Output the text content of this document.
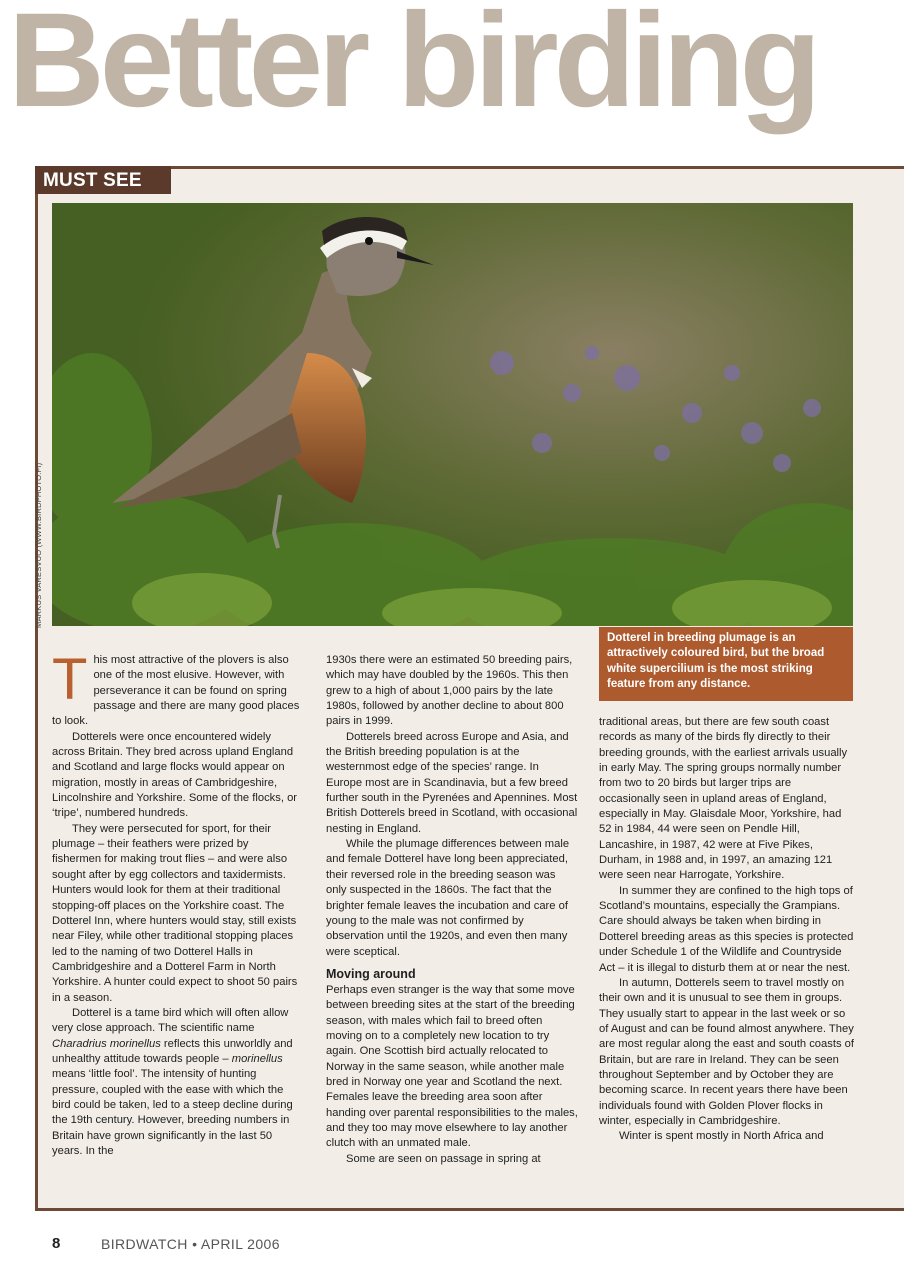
Better birding
MUST SEE
MARKUS VARESVUO (WWW.BIRDPHOTO.FI)
Dotterel in breeding plumage is an attractively coloured bird, but the broad white supercilium is the most striking feature from any distance.
T his most attractive of the plovers is also one of the most elusive. However, with perseverance it can be found on spring passage and there are many good places to look.

Dotterels were once encountered widely across Britain. They bred across upland England and Scotland and large flocks would appear on migration, mostly in areas of Cambridgeshire, Lincolnshire and Yorkshire. Some of the flocks, or ‘tripe’, numbered hundreds.

They were persecuted for sport, for their plumage – their feathers were prized by fishermen for making trout flies – and were also sought after by egg collectors and taxidermists. Hunters would look for them at their traditional stopping-off places on the Yorkshire coast. The Dotterel Inn, where hunters would stay, still exists near Filey, while other traditional stopping places led to the naming of two Dotterel Halls in Cambridgeshire and a Dotterel Farm in North Yorkshire. A hunter could expect to shoot 50 pairs in a season.

Dotterel is a tame bird which will often allow very close approach. The scientific name Charadrius morinellus reflects this unworldly and unhealthy attitude towards people – morinellus means ‘little fool’. The intensity of hunting pressure, coupled with the ease with which the bird could be taken, led to a steep decline during the 19th century. However, breeding numbers in Britain have grown significantly in the last 50 years. In the

1930s there were an estimated 50 breeding pairs, which may have doubled by the 1960s. This then grew to a high of about 1,000 pairs by the late 1980s, followed by another decline to about 800 pairs in 1999.

Dotterels breed across Europe and Asia, and the British breeding population is at the westernmost edge of the species’ range. In Europe most are in Scandinavia, but a few breed further south in the Pyrenées and Apennines. Most British Dotterels breed in Scotland, with occasional nesting in England.

While the plumage differences between male and female Dotterel have long been appreciated, their reversed role in the breeding season was only suspected in the 1860s. The fact that the brighter female leaves the incubation and care of young to the male was not confirmed by observation until the 1920s, and even then many were sceptical.

Moving around

Perhaps even stranger is the way that some move between breeding sites at the start of the breeding season, with males which fail to breed often moving on to a completely new location to try again. One Scottish bird actually relocated to Norway in the same season, while another male bred in Norway one year and Scotland the next. Females leave the breeding area soon after handing over parental responsibilities to the males, and they too may move elsewhere to lay another clutch with an unmated male.

Some are seen on passage in spring at

traditional areas, but there are few south coast records as many of the birds fly directly to their breeding grounds, with the earliest arrivals usually in early May. The spring groups normally number from two to 20 birds but larger trips are occasionally seen in upland areas of England, especially in May. Glaisdale Moor, Yorkshire, had 52 in 1984, 44 were seen on Pendle Hill, Lancashire, in 1987, 42 were at Five Pikes, Durham, in 1988 and, in 1997, an amazing 121 were seen near Harrogate, Yorkshire.

In summer they are confined to the high tops of Scotland’s mountains, especially the Grampians. Care should always be taken when birding in Dotterel breeding areas as this species is protected under Schedule 1 of the Wildlife and Countryside Act – it is illegal to disturb them at or near the nest.

In autumn, Dotterels seem to travel mostly on their own and it is unusual to see them in groups. They usually start to appear in the last week or so of August and can be found almost anywhere. They are most regular along the east and south coasts of Britain, but are rare in Ireland. They can be seen throughout September and by October they are becoming scarce. In recent years there have been individuals found with Golden Plover flocks in winter, especially in Cambridgeshire.

Winter is spent mostly in North Africa and

8	BIRDWATCH • APRIL 2006
